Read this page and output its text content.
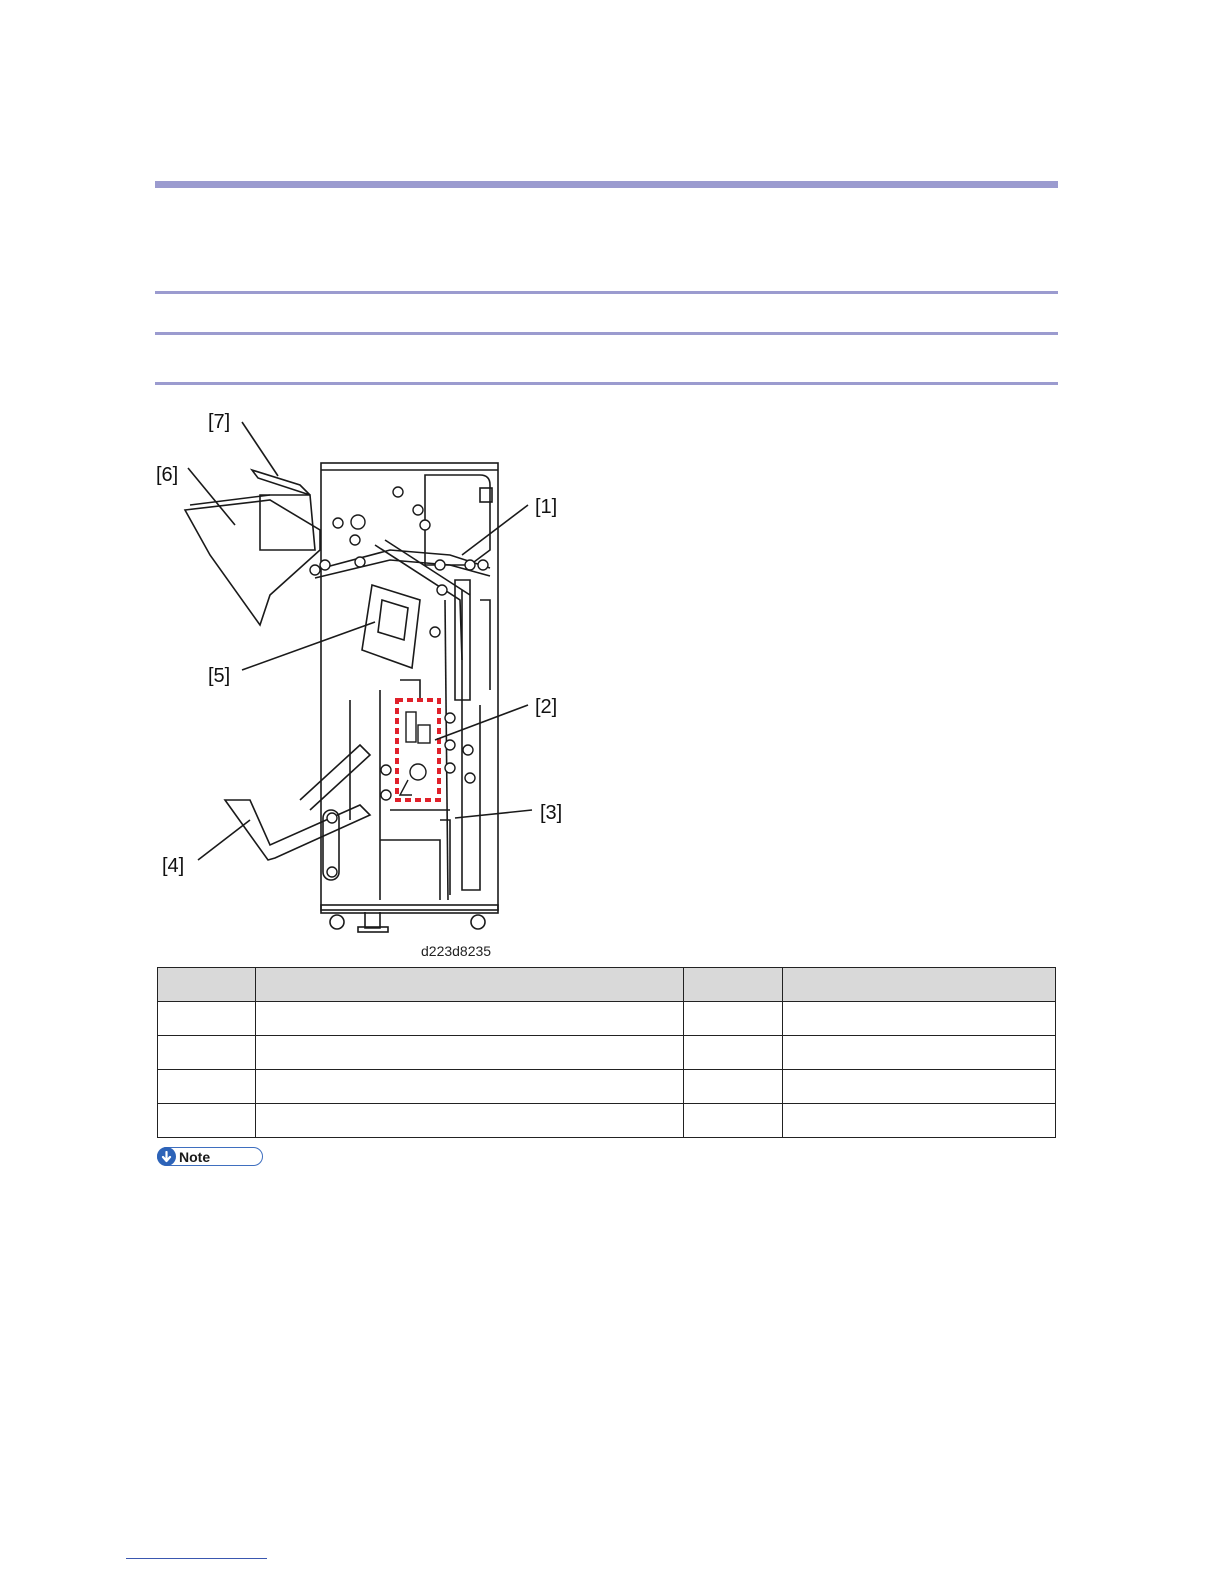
[1]
[2]
[3]
[4]
[5]
[6]
[7]
d223d8235

Note
